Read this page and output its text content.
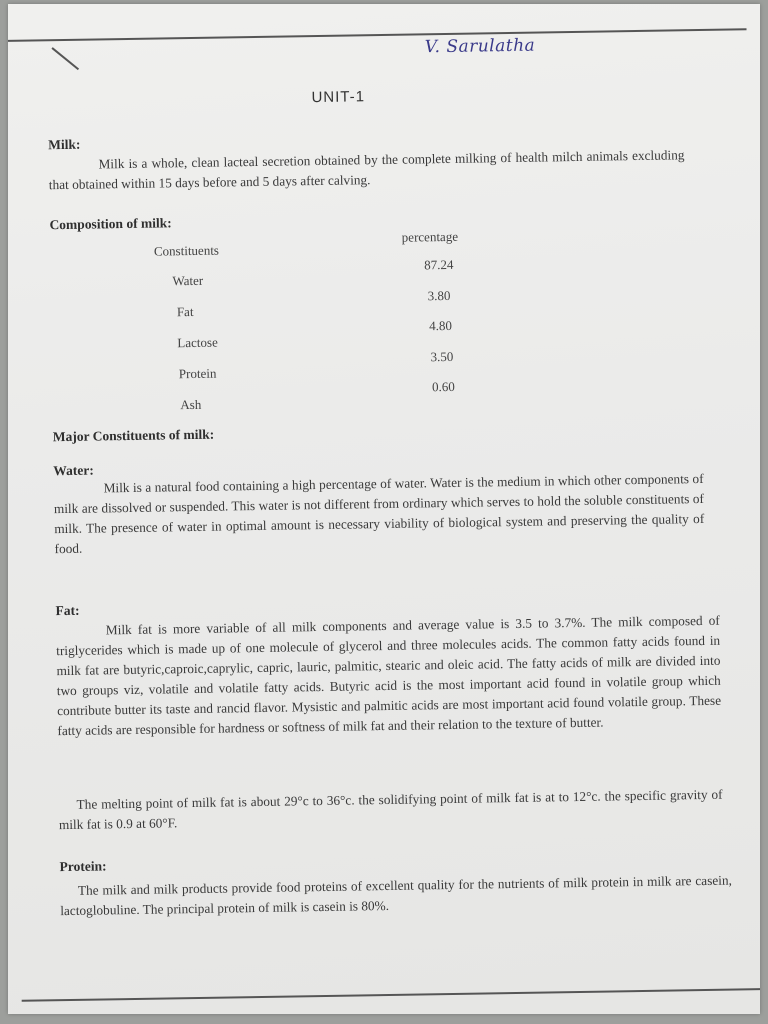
V. Sarulatha
UNIT-1
Milk:
Milk is a whole, clean lacteal secretion obtained by the complete milking of health milch animals excluding that obtained within 15 days before and 5 days after calving.
Composition of milk:
Constituents
percentage
Water
87.24
Fat
3.80
Lactose
4.80
Protein
3.50
Ash
0.60
Major Constituents of milk:
Water:
Milk is a natural food containing a high percentage of water. Water is the medium in which other components of milk are dissolved or suspended. This water is not different from ordinary which serves to hold the soluble constituents of milk. The presence of water in optimal amount is necessary viability of biological system and preserving the quality of food.
Fat:
Milk fat is more variable of all milk components and average value is 3.5 to 3.7%. The milk composed of triglycerides which is made up of one molecule of glycerol and three molecules acids. The common fatty acids found in milk fat are butyric,caproic,caprylic, capric, lauric, palmitic, stearic and oleic acid. The fatty acids of milk are divided into two groups viz, volatile and volatile fatty acids. Butyric acid is the most important acid found in volatile group which contribute butter its taste and rancid flavor. Mysistic and palmitic acids are most important acid found volatile group. These fatty acids are responsible for hardness or softness of milk fat and their relation to the texture of butter.
The melting point of milk fat is about 29°c to 36°c. the solidifying point of milk fat is at to 12°c. the specific gravity of milk fat is 0.9 at 60°F.
Protein:
The milk and milk products provide food proteins of excellent quality for the nutrients of milk protein in milk are casein, lactoglobuline. The principal protein of milk is casein is 80%.
